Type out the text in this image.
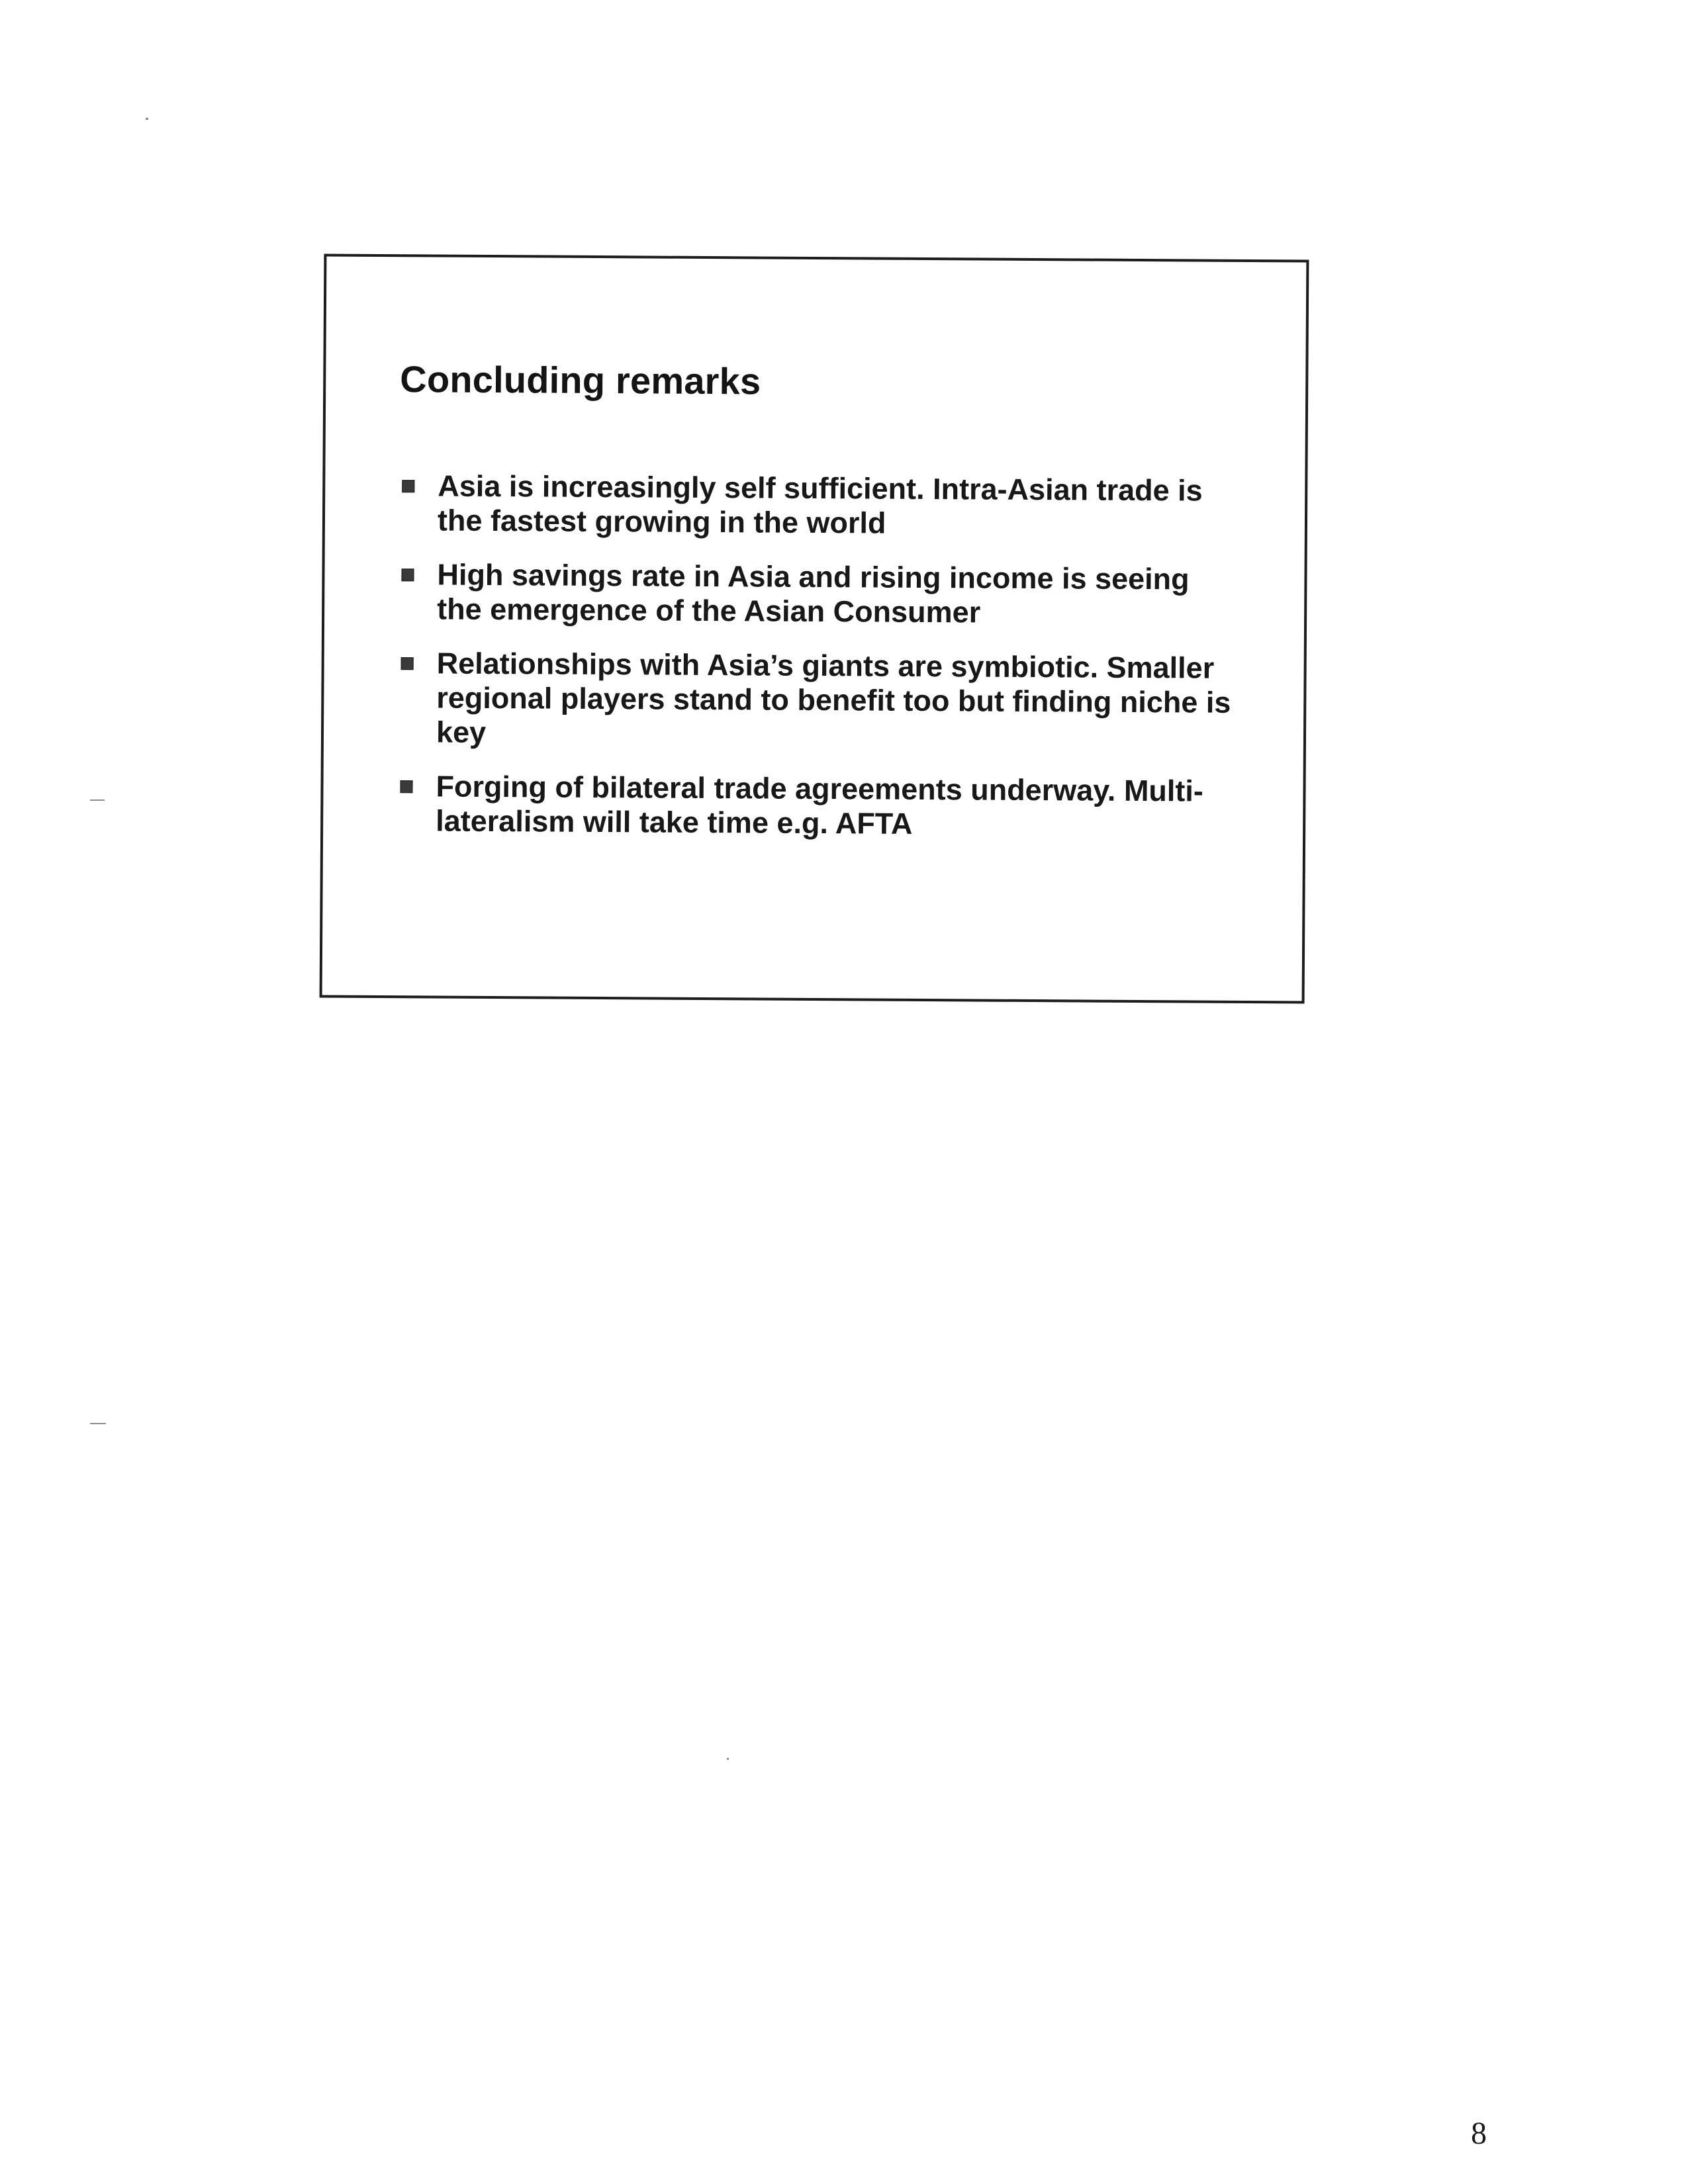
Concluding remarks
Asia is increasingly self sufficient. Intra-Asian trade is the fastest growing in the world
High savings rate in Asia and rising income is seeing the emergence of the Asian Consumer
Relationships with Asia’s giants are symbiotic. Smaller regional players stand to benefit too but finding niche is key
Forging of bilateral trade agreements underway. Multi-lateralism will take time e.g. AFTA
8
